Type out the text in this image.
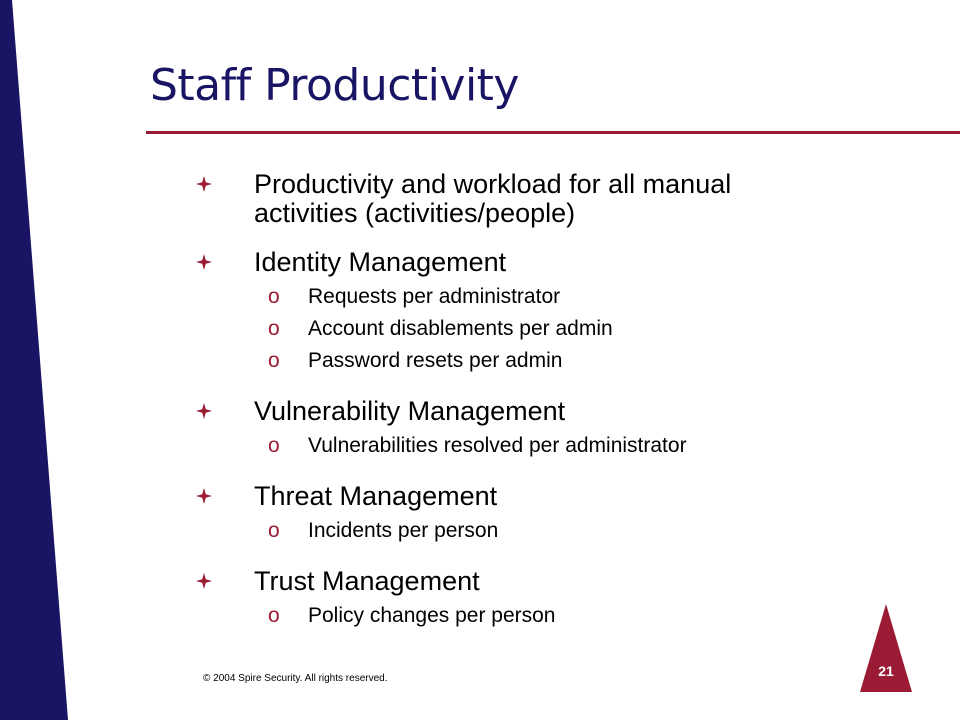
Staff Productivity
Productivity and workload for all manual activities (activities/people)
Identity Management
o	Requests per administrator
o	Account disablements per admin
o	Password resets per admin
Vulnerability Management
o	Vulnerabilities resolved per administrator
Threat Management
o	Incidents per person
Trust Management
o	Policy changes per person
© 2004 Spire Security. All rights reserved.	21
